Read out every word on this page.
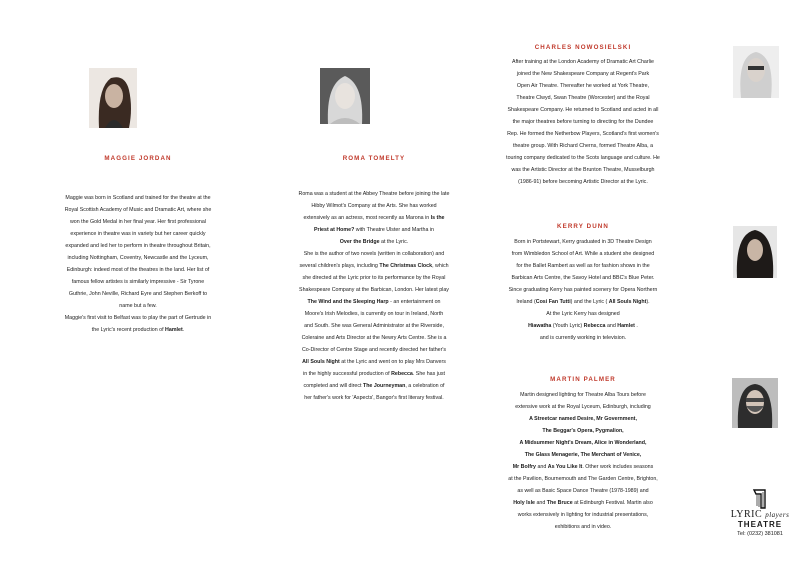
MAGGIE JORDAN

Maggie was born in Scotland and trained for the theatre at the

Royal Scottish Academy of Music and Dramatic Art, where she

won the Gold Medal in her final year. Her first professional

experience in theatre was in variety but her career quickly

expanded and led her to perform in theatre throughout Britain,

including Nottingham, Coventry, Newcastle and the Lyceum,

Edinburgh: indeed most of the theatres in the land. Her list of

famous fellow artistes is similarly impressive - Sir Tyrone

Guthrie, John Neville, Richard Eyre and Stephen Berkoff to

name but a few.

Maggie's first visit to Belfast was to play the part of Gertrude in

the Lyric's recent production of Hamlet.

ROMA TOMELTY

Roma was a student at the Abbey Theatre before joining the late

Hibby Wilmot's Company at the Arts. She has worked

extensively as an actress, most recently as Marona in Is the

Priest at Home? with Theatre Ulster and Martha in

Over the Bridge at the Lyric.

She is the author of two novels (written in collaboration) and

several children's plays, including The Christmas Clock, which

she directed at the Lyric prior to its performance by the Royal

Shakespeare Company at the Barbican, London. Her latest play

The Wind and the Sleeping Harp - an entertainment on

Moore's Irish Melodies, is currently on tour in Ireland, North

and South. She was General Administrator at the Riverside,

Coleraine and Arts Director at the Newry Arts Centre. She is a

Co-Director of Centre Stage and recently directed her father's

All Souls Night at the Lyric and went on to play Mrs Danvers

in the highly successful production of Rebecca. She has just

completed and will direct The Journeyman, a celebration of

her father's work for 'Aspects', Bangor's first literary festival.

CHARLES NOWOSIELSKI

After training at the London Academy of Dramatic Art Charlie

joined the New Shakespeare Company at Regent's Park

Open Air Theatre. Thereafter he worked at York Theatre,

Theatre Clwyd, Swan Theatre (Worcester) and the Royal

Shakespeare Company. He returned to Scotland and acted in all

the major theatres before turning to directing for the Dundee

Rep. He formed the Netherbow Players, Scotland's first women's

theatre group. With Richard Cherns, formed Theatre Alba, a

touring company dedicated to the Scots language and culture. He

was the Artistic Director at the Brunton Theatre, Musselburgh

(1986-91) before becoming Artistic Director at the Lyric.

KERRY DUNN

Born in Portstewart, Kerry graduated in 3D Theatre Design

from Wimbledon School of Art. While a student she designed

for the Ballet Rambert as well as for fashion shows in the

Barbican Arts Centre, the Savoy Hotel and BBC's Blue Peter.

Since graduating Kerry has painted scenery for Opera Northern

Ireland (Cosi Fan Tutti) and the Lyric ( All Souls Night).

At the Lyric Kerry has designed

Hiawatha (Youth Lyric) Rebecca and Hamlet .

and is currently working in television.

MARTIN PALMER

Martin designed lighting for Theatre Alba Tours before

extensive work at the Royal Lyceum, Edinburgh, including

A Streetcar named Desire, Mr Government,

The Beggar's Opera, Pygmalion,

A Midsummer Night's Dream, Alice in Wonderland,

The Glass Menagerie, The Merchant of Venice,

Mr Bolfry and As You Like It. Other work includes seasons

at the Pavilion, Bournemouth and The Garden Centre, Brighton,

as well as Basic Space Dance Theatre (1978-1989) and

Holy Isle and The Bruce at Edinburgh Festival. Martin also

works extensively in lighting for industrial presentations,

exhibitions and in video.

LYRIC players
THEATRE
Tel: (0232) 381081
